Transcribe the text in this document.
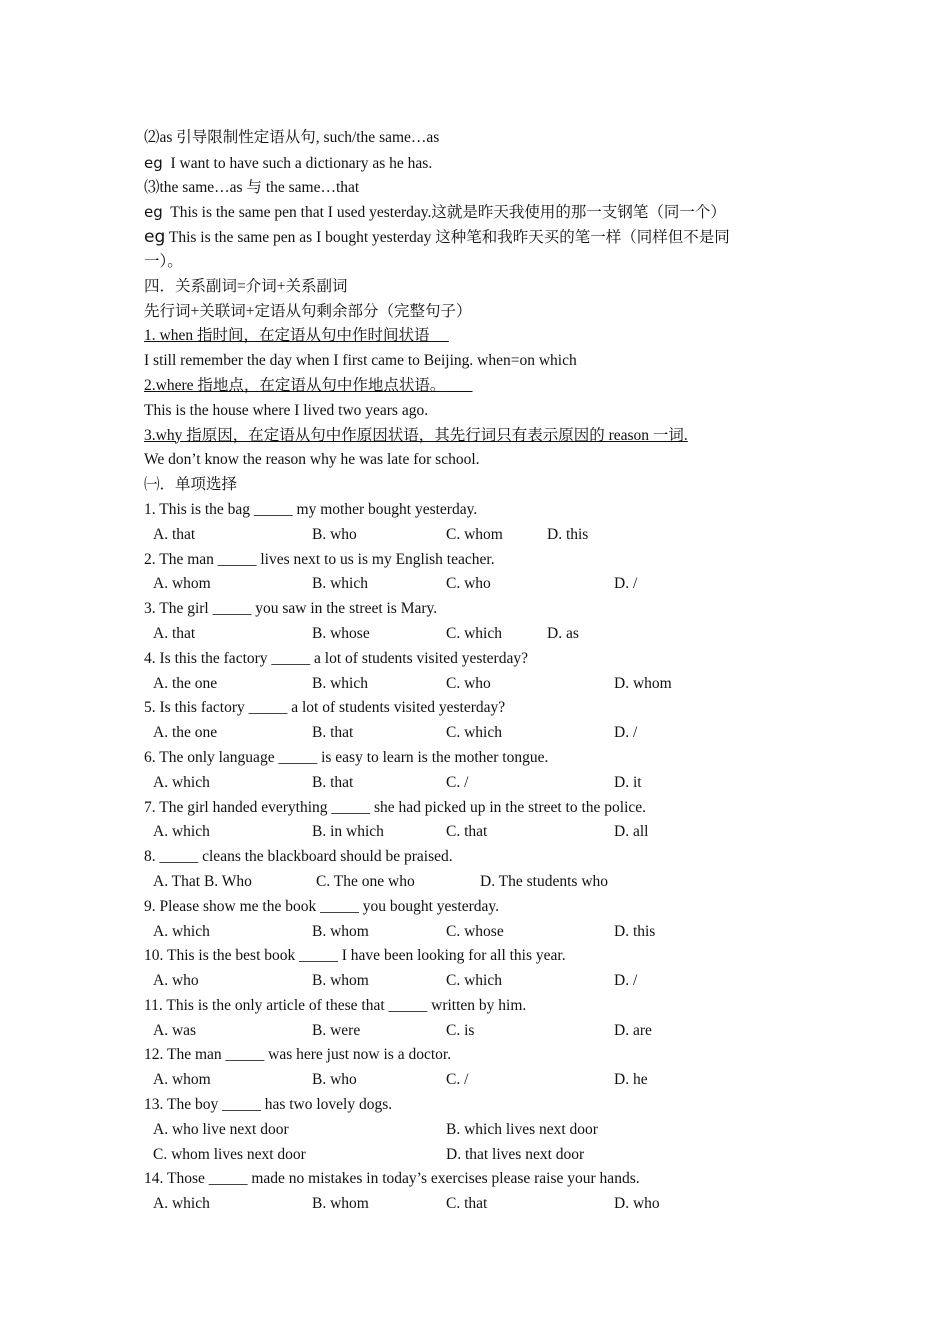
⑵as 引导限制性定语从句, such/the same…as
eg I want to have such a dictionary as he has.
⑶the same…as 与 the same…that
eg This is the same pen that I used yesterday.这就是昨天我使用的那一支钢笔（同一个）
eg This is the same pen as I bought yesterday 这种笔和我昨天买的笔一样（同样但不是同
一）。
四．关系副词=介词+关系副词
先行词+关联词+定语从句剩余部分（完整句子）
1. when 指时间，在定语从句中作时间状语
I still remember the day when I first came to Beijing. when=on which
2.where 指地点，在定语从句中作地点状语。
This is the house where I lived two years ago.
3.why 指原因，在定语从句中作原因状语，其先行词只有表示原因的 reason 一词.
We don’t know the reason why he was late for school.
㈠．单项选择
1. This is the bag _____ my mother bought yesterday.
A. that	B. who	C. whom	D. this
2. The man _____ lives next to us is my English teacher.
A. whom	B. which	C. who	D. /
3. The girl _____ you saw in the street is Mary.
A. that	B. whose	C. which	D. as
4. Is this the factory _____ a lot of students visited yesterday?
A. the one	B. which	C. who	D. whom
5. Is this factory _____ a lot of students visited yesterday?
A. the one	B. that	C. which	D. /
6. The only language _____ is easy to learn is the mother tongue.
A. which	B. that	C. /	D. it
7. The girl handed everything _____ she had picked up in the street to the police.
A. which	B. in which	C. that	D. all
8. _____ cleans the blackboard should be praised.
A. That B. Who	C. The one who	D. The students who
9. Please show me the book _____ you bought yesterday.
A. which	B. whom	C. whose	D. this
10. This is the best book _____ I have been looking for all this year.
A. who	B. whom	C. which	D. /
11. This is the only article of these that _____ written by him.
A. was	B. were	C. is	D. are
12. The man _____ was here just now is a doctor.
A. whom	B. who	C. /	D. he
13. The boy _____ has two lovely dogs.
A. who live next door	B. which lives next door
C. whom lives next door	D. that lives next door
14. Those _____ made no mistakes in today’s exercises please raise your hands.
A. which	B. whom	C. that	D. who
